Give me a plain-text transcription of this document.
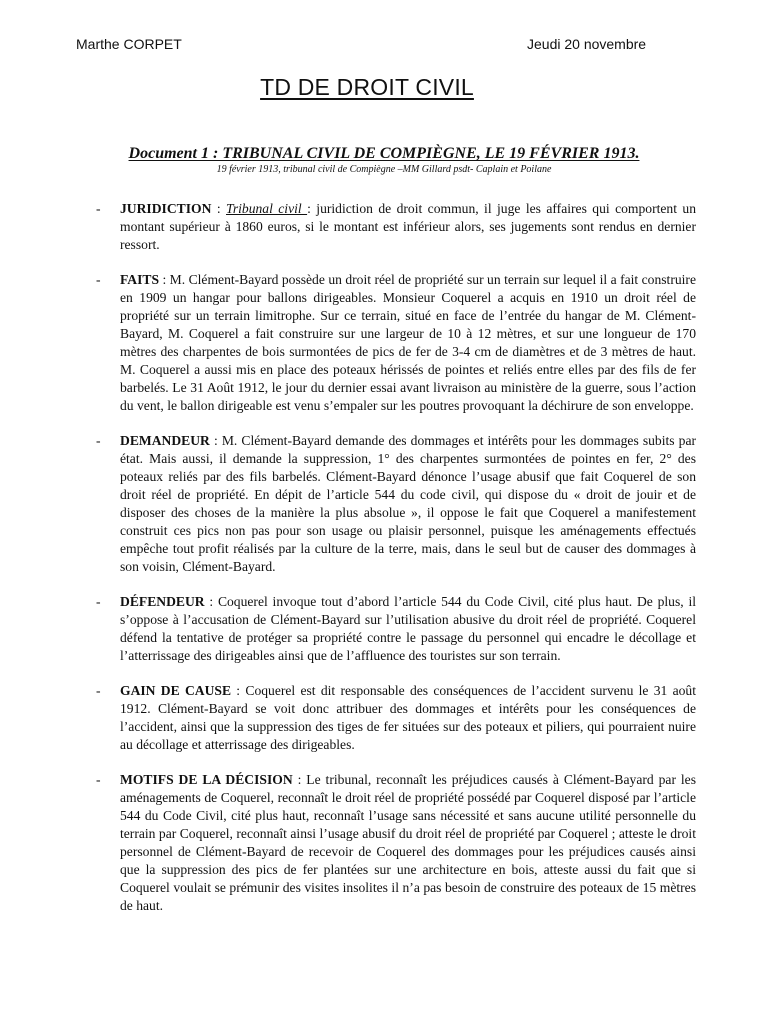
Marthe CORPET	Jeudi 20 novembre
TD DE DROIT CIVIL
Document 1 : TRIBUNAL CIVIL DE COMPIÈGNE, LE 19 FÉVRIER 1913.
19 février 1913, tribunal civil de Compiègne –MM Gillard psdt- Caplain et Poilane
- JURIDICTION : Tribunal civil : juridiction de droit commun, il juge les affaires qui comportent un montant supérieur à 1860 euros, si le montant est inférieur alors, ses jugements sont rendus en dernier ressort.
- FAITS : M. Clément-Bayard possède un droit réel de propriété sur un terrain sur lequel il a fait construire en 1909 un hangar pour ballons dirigeables. Monsieur Coquerel a acquis en 1910 un droit réel de propriété sur un terrain limitrophe. Sur ce terrain, situé en face de l’entrée du hangar de M. Clément-Bayard, M. Coquerel a fait construire sur une largeur de 10 à 12 mètres, et sur une longueur de 170 mètres des charpentes de bois surmontées de pics de fer de 3-4 cm de diamètres et de 3 mètres de haut. M. Coquerel a aussi mis en place des poteaux hérissés de pointes et reliés entre elles par des fils de fer barbelés. Le 31 Août 1912, le jour du dernier essai avant livraison au ministère de la guerre, sous l’action du vent, le ballon dirigeable est venu s’empaler sur les poutres provoquant la déchirure de son enveloppe.
- DEMANDEUR : M. Clément-Bayard demande des dommages et intérêts pour les dommages subits par état. Mais aussi, il demande la suppression, 1° des charpentes surmontées de pointes en fer, 2° des poteaux reliés par des fils barbelés. Clément-Bayard dénonce l’usage abusif que fait Coquerel de son droit réel de propriété. En dépit de l’article 544 du code civil, qui dispose du « droit de jouir et de disposer des choses de la manière la plus absolue », il oppose le fait que Coquerel a manifestement construit ces pics non pas pour son usage ou plaisir personnel, puisque les aménagements effectués empêche tout profit réalisés par la culture de la terre, mais, dans le seul but de causer des dommages à son voisin, Clément-Bayard.
- DÉFENDEUR : Coquerel invoque tout d’abord l’article 544 du Code Civil, cité plus haut. De plus, il s’oppose à l’accusation de Clément-Bayard sur l’utilisation abusive du droit réel de propriété. Coquerel défend la tentative de protéger sa propriété contre le passage du personnel qui encadre le décollage et l’atterrissage des dirigeables ainsi que de l’affluence des touristes sur son terrain.
- GAIN DE CAUSE : Coquerel est dit responsable des conséquences de l’accident survenu le 31 août 1912. Clément-Bayard se voit donc attribuer des dommages et intérêts pour les conséquences de l’accident, ainsi que la suppression des tiges de fer situées sur des poteaux et piliers, qui pourraient nuire au décollage et atterrissage des dirigeables.
- MOTIFS DE LA DÉCISION : Le tribunal, reconnaît les préjudices causés à Clément-Bayard par les aménagements de Coquerel, reconnaît le droit réel de propriété possédé par Coquerel disposé par l’article 544 du Code Civil, cité plus haut, reconnaît l’usage sans nécessité et sans aucune utilité personnelle du terrain par Coquerel, reconnaît ainsi l’usage abusif du droit réel de propriété par Coquerel ; atteste le droit personnel de Clément-Bayard de recevoir de Coquerel des dommages pour les préjudices causés ainsi que la suppression des pics de fer plantées sur une architecture en bois, atteste aussi du fait que si Coquerel voulait se prémunir des visites insolites il n’a pas besoin de construire des poteaux de 15 mètres de haut.
